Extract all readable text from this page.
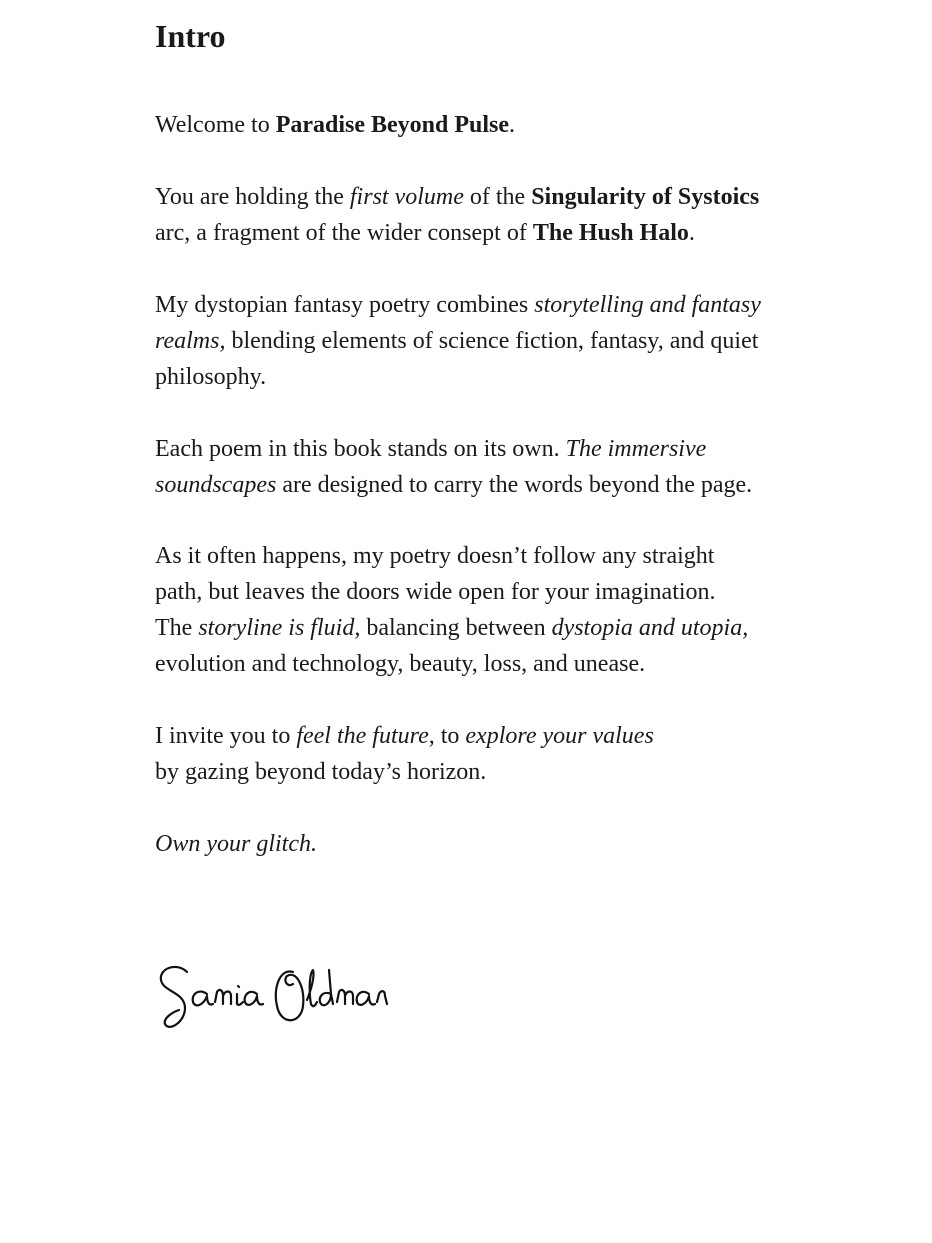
Intro

Welcome to Paradise Beyond Pulse.

You are holding the first volume of the Singularity of Systoics
arc, a fragment of the wider consept of The Hush Halo.

My dystopian fantasy poetry combines storytelling and fantasy
realms, blending elements of science fiction, fantasy, and quiet
philosophy.

Each poem in this book stands on its own. The immersive
soundscapes are designed to carry the words beyond the page.

As it often happens, my poetry doesn’t follow any straight
path, but leaves the doors wide open for your imagination.
The storyline is fluid, balancing between dystopia and utopia,
evolution and technology, beauty, loss, and unease.

I invite you to feel the future, to explore your values
by gazing beyond today’s horizon.

Own your glitch.
